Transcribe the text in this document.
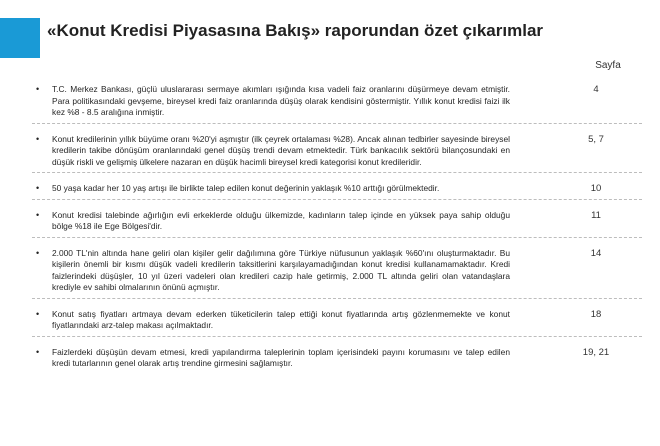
«Konut Kredisi Piyasasına Bakış» raporundan özet çıkarımlar
Sayfa
•	T.C. Merkez Bankası, güçlü uluslararası sermaye akımları ışığında kısa vadeli faiz oranlarını düşürmeye devam etmiştir. Para politikasındaki gevşeme, bireysel kredi faiz oranlarında düşüş olarak kendisini göstermiştir. Yıllık konut kredisi faizi ilk kez %8 - 8.5 aralığına inmiştir.
4
•	Konut kredilerinin yıllık büyüme oranı %20'yi aşmıştır (ilk çeyrek ortalaması %28). Ancak alınan tedbirler sayesinde bireysel kredilerin takibe dönüşüm oranlarındaki genel düşüş trendi devam etmektedir. Türk bankacılık sektörü bilançosundaki en düşük riskli ve gelişmiş ülkelere nazaran en düşük hacimli bireysel kredi kategorisi konut kredileridir.
5, 7
•	50 yaşa kadar her 10 yaş artışı ile birlikte talep edilen konut değerinin yaklaşık %10 arttığı görülmektedir.	10
•	Konut kredisi talebinde ağırlığın evli erkeklerde olduğu ülkemizde, kadınların talep içinde en yüksek paya sahip olduğu bölge %18 ile Ege Bölgesi'dir.
11
•	2.000 TL'nin altında hane geliri olan kişiler gelir dağılımına göre Türkiye nüfusunun yaklaşık %60'ını oluşturmaktadır. Bu kişilerin önemli bir kısmı düşük vadeli kredilerin taksitlerini karşılayamadığından konut kredisi kullanamamaktadır. Kredi faizlerindeki düşüşler, 10 yıl üzeri vadeleri olan kredileri cazip hale getirmiş, 2.000 TL altında geliri olan vatandaşlara krediyle ev sahibi olmalarının önünü açmıştır.
14
•	Konut satış fiyatları artmaya devam ederken tüketicilerin talep ettiği konut fiyatlarında artış gözlenmemekte ve konut fiyatlarındaki arz-talep makası açılmaktadır.
18
•	Faizlerdeki düşüşün devam etmesi, kredi yapılandırma taleplerinin toplam içerisindeki payını korumasını ve talep edilen kredi tutarlarının genel olarak artış trendine girmesini sağlamıştır.
19, 21
